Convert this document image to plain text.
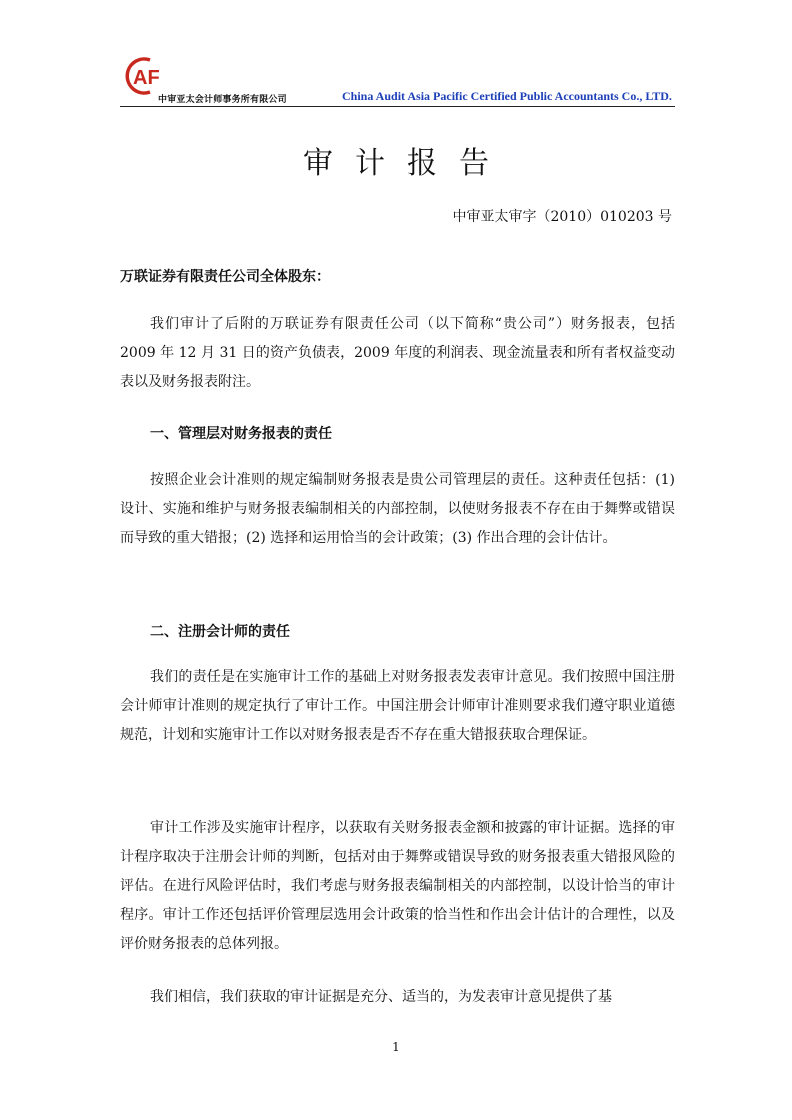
AF
中审亚太会计师事务所有限公司	China Audit Asia Pacific Certified Public Accountants Co., LTD.
审计报告
中审亚太审字（2010）010203 号
万联证券有限责任公司全体股东：

我们审计了后附的万联证券有限责任公司（以下简称“贵公司”）财务报表，包括 2009 年 12 月 31 日的资产负债表，2009 年度的利润表、现金流量表和所有者权益变动表以及财务报表附注。

一、管理层对财务报表的责任

按照企业会计准则的规定编制财务报表是贵公司管理层的责任。这种责任包括：(1) 设计、实施和维护与财务报表编制相关的内部控制，以使财务报表不存在由于舞弊或错误而导致的重大错报；(2) 选择和运用恰当的会计政策；(3) 作出合理的会计估计。

二、注册会计师的责任

我们的责任是在实施审计工作的基础上对财务报表发表审计意见。我们按照中国注册会计师审计准则的规定执行了审计工作。中国注册会计师审计准则要求我们遵守职业道德规范，计划和实施审计工作以对财务报表是否不存在重大错报获取合理保证。

审计工作涉及实施审计程序，以获取有关财务报表金额和披露的审计证据。选择的审计程序取决于注册会计师的判断，包括对由于舞弊或错误导致的财务报表重大错报风险的评估。在进行风险评估时，我们考虑与财务报表编制相关的内部控制，以设计恰当的审计程序。审计工作还包括评价管理层选用会计政策的恰当性和作出会计估计的合理性，以及评价财务报表的总体列报。

我们相信，我们获取的审计证据是充分、适当的，为发表审计意见提供了基

1
